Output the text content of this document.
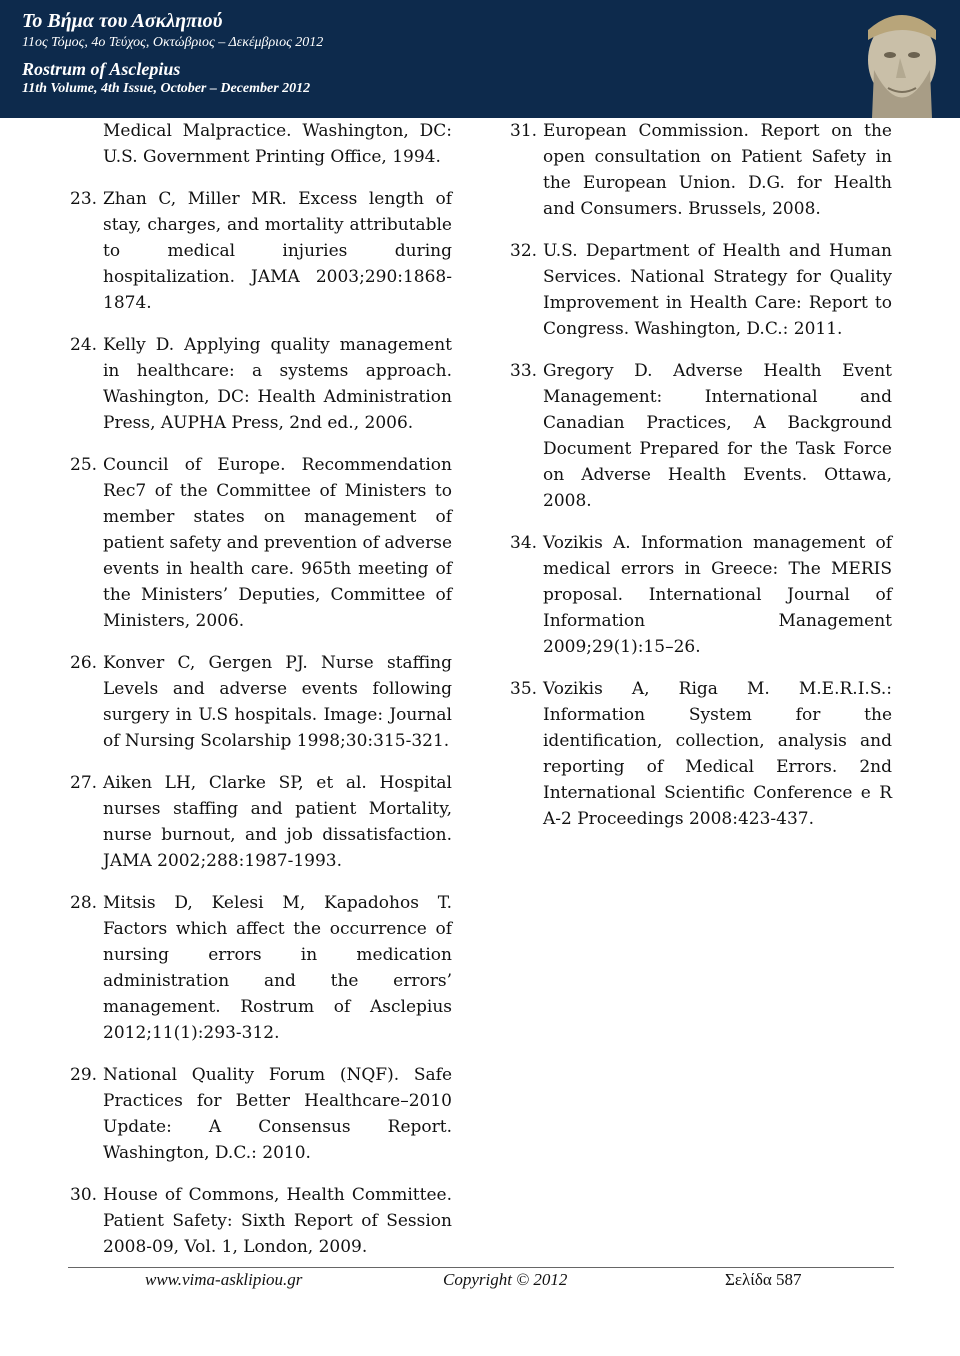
Το Βήμα του Ασκληπιού
11ος Τόμος, 4ο Τεύχος, Οκτώβριος – Δεκέμβριος 2012
Rostrum of Asclepius
11th Volume, 4th Issue, October – December 2012
Medical Malpractice. Washington, DC: U.S. Government Printing Office, 1994.
23. Zhan C, Miller MR. Excess length of stay, charges, and mortality attributable to medical injuries during hospitalization. JAMA 2003;290:1868-1874.
24. Kelly D. Applying quality management in healthcare: a systems approach. Washington, DC: Health Administration Press, AUPHA Press, 2nd ed., 2006.
25. Council of Europe. Recommendation Rec7 of the Committee of Ministers to member states on management of patient safety and prevention of adverse events in health care. 965th meeting of the Ministers’ Deputies, Committee of Ministers, 2006.
26. Konver C, Gergen PJ. Nurse staffing Levels and adverse events following surgery in U.S hospitals. Image: Journal of Nursing Scolarship 1998;30:315-321.
27. Aiken LH, Clarke SP, et al. Hospital nurses staffing and patient Mortality, nurse burnout, and job dissatisfaction. JAMA 2002;288:1987-1993.
28. Mitsis D, Kelesi M, Kapadohos T. Factors which affect the occurrence of nursing errors in medication administration and the errors’ management. Rostrum of Asclepius 2012;11(1):293-312.
29. National Quality Forum (NQF). Safe Practices for Better Healthcare–2010 Update: A Consensus Report. Washington, D.C.: 2010.
30. House of Commons, Health Committee. Patient Safety: Sixth Report of Session 2008-09, Vol. 1, London, 2009.
31. European Commission. Report on the open consultation on Patient Safety in the European Union. D.G. for Health and Consumers. Brussels, 2008.
32. U.S. Department of Health and Human Services. National Strategy for Quality Improvement in Health Care: Report to Congress. Washington, D.C.: 2011.
33. Gregory D. Adverse Health Event Management: International and Canadian Practices, A Background Document Prepared for the Task Force on Adverse Health Events. Ottawa, 2008.
34. Vozikis A. Information management of medical errors in Greece: The MERIS proposal. International Journal of Information Management 2009;29(1):15–26.
35. Vozikis A, Riga M. M.E.R.I.S.: Information System for the identification, collection, analysis and reporting of Medical Errors. 2nd International Scientific Conference e R A-2 Proceedings 2008:423-437.
www.vima-asklipiou.gr	Copyright © 2012	Σελίδα 587
